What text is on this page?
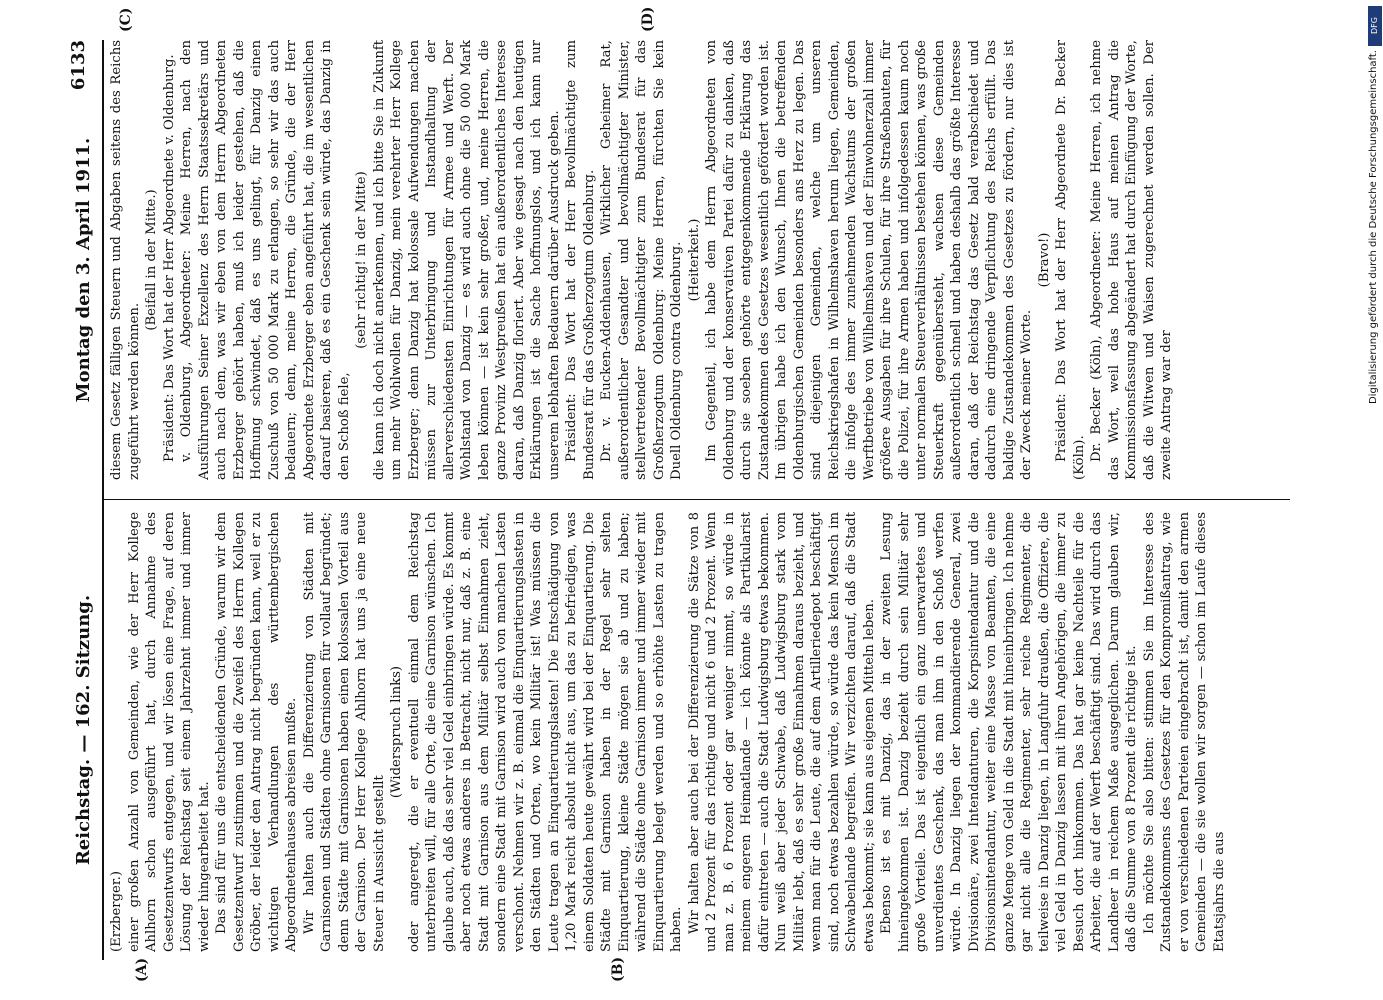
Reichstag. — 162. Sitzung.
Montag den 3. April 1911.
6133
(A)	(B)
(C)	(D)

(Erzberger.) einer großen Anzahl von Gemeinden, wie der Herr Kollege Ahlhorn schon ausgeführt hat, durch Annahme des Gesetzentwurfs entgegen, und wir lösen eine Frage, auf deren Lösung der Reichstag seit einem Jahrzehnt immer und immer wieder hingearbeitet hat. Das sind für uns die entscheidenden Gründe, warum wir dem Gesetzentwurf zustimmen und die Zweifel des Herrn Kollegen Gröber, der leider den Antrag nicht begründen kann, weil er zu wichtigen Verhandlungen des württembergischen Abgeordnetenhauses abreisen mußte. Wir halten auch die Differenzierung von Städten mit Garnisonen und Städten ohne Garnisonen für vollauf begründet; denn Städte mit Garnisonen haben einen kolossalen Vorteil aus der Garnison. Der Herr Kollege Ahlhorn hat uns ja eine neue Steuer in Aussicht gestellt

(Widerspruch links) oder angeregt, die er eventuell einmal dem Reichstag unterbreiten will, für alle Orte, die eine Garnison wünschen. Ich glaube auch, daß das sehr viel Geld einbringen würde. Es kommt aber noch etwas anderes in Betracht, nicht nur, daß z. B. eine Stadt mit Garnison aus dem Militär selbst Einnahmen zieht, sondern eine Stadt mit Garnison wird auch von manchen Lasten verschont. Nehmen wir z. B. einmal die Einquartierungslasten in den Städten und Orten, wo kein Militär ist! Was müssen die Leute tragen an Einquartierungslasten! Die Entschädigung von 1,20 Mark reicht absolut nicht aus, um das zu befriedigen, was einem Soldaten heute gewährt wird bei der Einquartierung. Die Städte mit Garnison haben in der Regel sehr selten Einquartierung, kleine Städte mögen sie ab und zu haben; während die Städte ohne Garnison immer und immer wieder mit Einquartierung belegt werden und so erhöhte Lasten zu tragen haben. Wir halten aber auch bei der Differenzierung die Sätze von 8 und 2 Prozent für das richtige und nicht 6 und 2 Prozent. Wenn man z. B. 6 Prozent oder gar weniger nimmt, so würde in meinem engeren Heimatlande — ich könnte als Partikularist dafür eintreten — auch die Stadt Ludwigsburg etwas bekommen. Nun weiß aber jeder Schwabe, daß Ludwigsburg stark vom Militär lebt, daß es sehr große Einnahmen daraus bezieht, und wenn man für die Leute, die auf dem Artilleriedepot beschäftigt sind, noch etwas bezahlen würde, so würde das kein Mensch im Schwabenlande begreifen. Wir verzichten darauf, daß die Stadt etwas bekommt; sie kann aus eigenen Mitteln leben. Ebenso ist es mit Danzig, das in der zweiten Lesung hineingekommen ist. Danzig bezieht durch sein Militär sehr große Vorteile. Das ist eigentlich ein ganz unerwartetes und unverdientes Geschenk, das man ihm in den Schoß werfen würde. In Danzig liegen der kommandierende General, zwei Divisionäre, zwei Intendanturen, die Korpsintendantur und die Divisionsintendantur, weiter eine Masse von Beamten, die eine ganze Menge von Geld in die Stadt mit hineinbringen. Ich nehme gar nicht alle die Regimenter, sehr reiche Regimenter, die teilweise in Danzig liegen, in Langfuhr draußen, die Offiziere, die viel Geld in Danzig lassen mit ihren Angehörigen, die immer zu Besuch dort hinkommen. Das hat gar keine Nachteile für die Arbeiter, die auf der Werft beschäftigt sind. Das wird durch das Landheer in reichem Maße ausgeglichen. Darum glauben wir, daß die Summe von 8 Prozent die richtige ist. Ich möchte Sie also bitten: stimmen Sie im Interesse des Zustandekommens des Gesetzes für den Kompromißantrag, wie er von verschiedenen Parteien eingebracht ist, damit den armen Gemeinden — die sie wollen wir sorgen — schon im Laufe dieses Etatsjahrs die aus

diesem Gesetz fälligen Steuern und Abgaben seitens des Reichs zugeführt werden können.

(Beifall in der Mitte.) Präsident: Das Wort hat der Herr Abgeordnete v. Oldenburg. v. Oldenburg, Abgeordneter: Meine Herren, nach den Ausführungen Seiner Exzellenz des Herrn Staatssekretärs und auch nach dem, was wir eben von dem Herrn Abgeordneten Erzberger gehört haben, muß ich leider gestehen, daß die Hoffnung schwindet, daß es uns gelingt, für Danzig einen Zuschuß von 50 000 Mark zu erlangen, so sehr wir das auch bedauern; denn, meine Herren, die Gründe, die der Herr Abgeordnete Erzberger eben angeführt hat, die im wesentlichen darauf basieren, daß es ein Geschenk sein würde, das Danzig in den Schoß fiele,

(sehr richtig! in der Mitte) die kann ich doch nicht anerkennen, und ich bitte Sie in Zukunft um mehr Wohlwollen für Danzig, mein verehrter Herr Kollege Erzberger; denn Danzig hat kolossale Aufwendungen machen müssen zur Unterbringung und Instandhaltung der allerverschiedensten Einrichtungen für Armee und Werft. Der Wohlstand von Danzig — es wird auch ohne die 50 000 Mark leben können — ist kein sehr großer, und, meine Herren, die ganze Provinz Westpreußen hat ein außerordentliches Interesse daran, daß Danzig floriert. Aber wie gesagt nach den heutigen Erklärungen ist die Sache hoffnungslos, und ich kann nur unserem lebhaften Bedauern darüber Ausdruck geben. Präsident: Das Wort hat der Herr Bevollmächtigte zum Bundesrat für das Großherzogtum Oldenburg. Dr. v. Eucken-Addenhausen, Wirklicher Geheimer Rat, außerordentlicher Gesandter und bevollmächtigter Minister, stellvertretender Bevollmächtigter zum Bundesrat für das Großherzogtum Oldenburg: Meine Herren, fürchten Sie kein Duell Oldenburg contra Oldenburg. (Heiterkeit.) Im Gegenteil, ich habe dem Herrn Abgeordneten von Oldenburg und der konservativen Partei dafür zu danken, daß durch sie soeben gehörte entgegenkommende Erklärung das Zustandekommen des Gesetzes wesentlich gefördert worden ist. Im übrigen habe ich den Wunsch, Ihnen die betreffenden Oldenburgischen Gemeinden besonders ans Herz zu legen. Das sind diejenigen Gemeinden, welche um unseren Reichskriegshafen in Wilhelmshaven herum liegen, Gemeinden, die infolge des immer zunehmenden Wachstums der großen Werftbetriebe von Wilhelmshaven und der Einwohnerzahl immer größere Ausgaben für ihre Schulen, für ihre Straßenbauten, für die Polizei, für ihre Armen haben und infolgedessen kaum noch unter normalen Steuerverhältnissen bestehen können, was große Steuerkraft gegenübersteht, wachsen diese Gemeinden außerordentlich schnell und haben deshalb das größte Interesse daran, daß der Reichstag das Gesetz bald verabschiedet und dadurch eine dringende Verpflichtung des Reichs erfüllt. Das baldige Zustandekommen des Gesetzes zu fördern, nur dies ist der Zweck meiner Worte.

(Bravo!) Präsident: Das Wort hat der Herr Abgeordnete Dr. Becker (Köln). Dr. Becker (Köln), Abgeordneter: Meine Herren, ich nehme das Wort, weil das hohe Haus auf meinen Antrag die Kommissionsfassung abgeändert hat durch Einfügung der Worte, daß die Witwen und Waisen zugerechnet werden sollen. Der zweite Antrag war der

DFG
Digitalisierung gefördert durch die Deutsche Forschungsgemeinschaft.
